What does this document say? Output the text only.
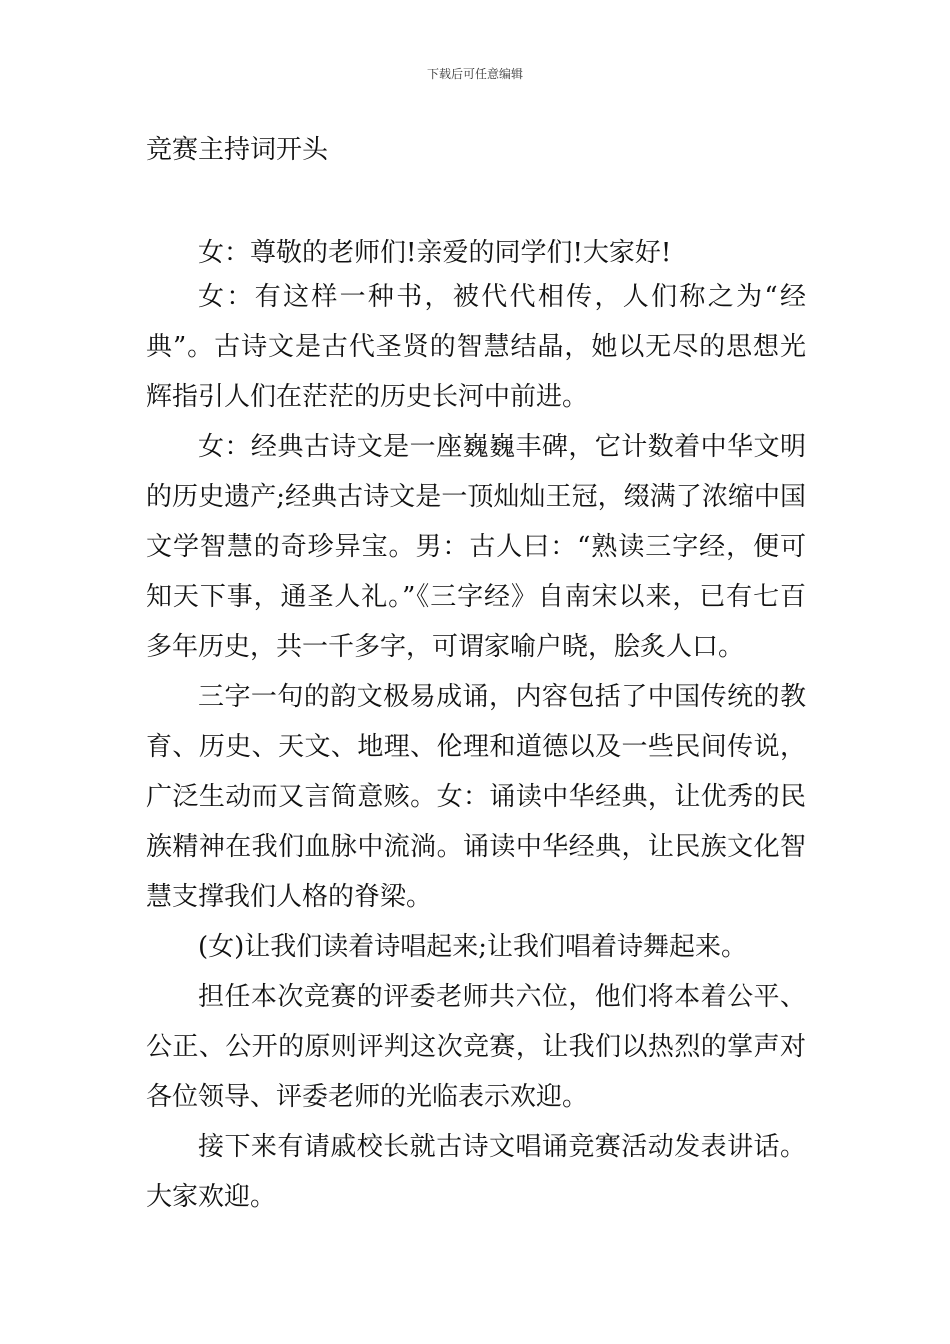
下载后可任意编辑
竞赛主持词开头

女：尊敬的老师们!亲爱的同学们!大家好!

女：有这样一种书，被代代相传，人们称之为“经典”。古诗文是古代圣贤的智慧结晶，她以无尽的思想光辉指引人们在茫茫的历史长河中前进。

女：经典古诗文是一座巍巍丰碑，它计数着中华文明的历史遗产;经典古诗文是一顶灿灿王冠，缀满了浓缩中国文学智慧的奇珍异宝。男：古人曰：“熟读三字经，便可知天下事，通圣人礼。”《三字经》自南宋以来，已有七百多年历史，共一千多字，可谓家喻户晓，脍炙人口。

三字一句的韵文极易成诵，内容包括了中国传统的教育、历史、天文、地理、伦理和道德以及一些民间传说，广泛生动而又言简意赅。女：诵读中华经典，让优秀的民族精神在我们血脉中流淌。诵读中华经典，让民族文化智慧支撑我们人格的脊梁。

(女)让我们读着诗唱起来;让我们唱着诗舞起来。

担任本次竞赛的评委老师共六位，他们将本着公平、公正、公开的原则评判这次竞赛，让我们以热烈的掌声对各位领导、评委老师的光临表示欢迎。

接下来有请戚校长就古诗文唱诵竞赛活动发表讲话。大家欢迎。
